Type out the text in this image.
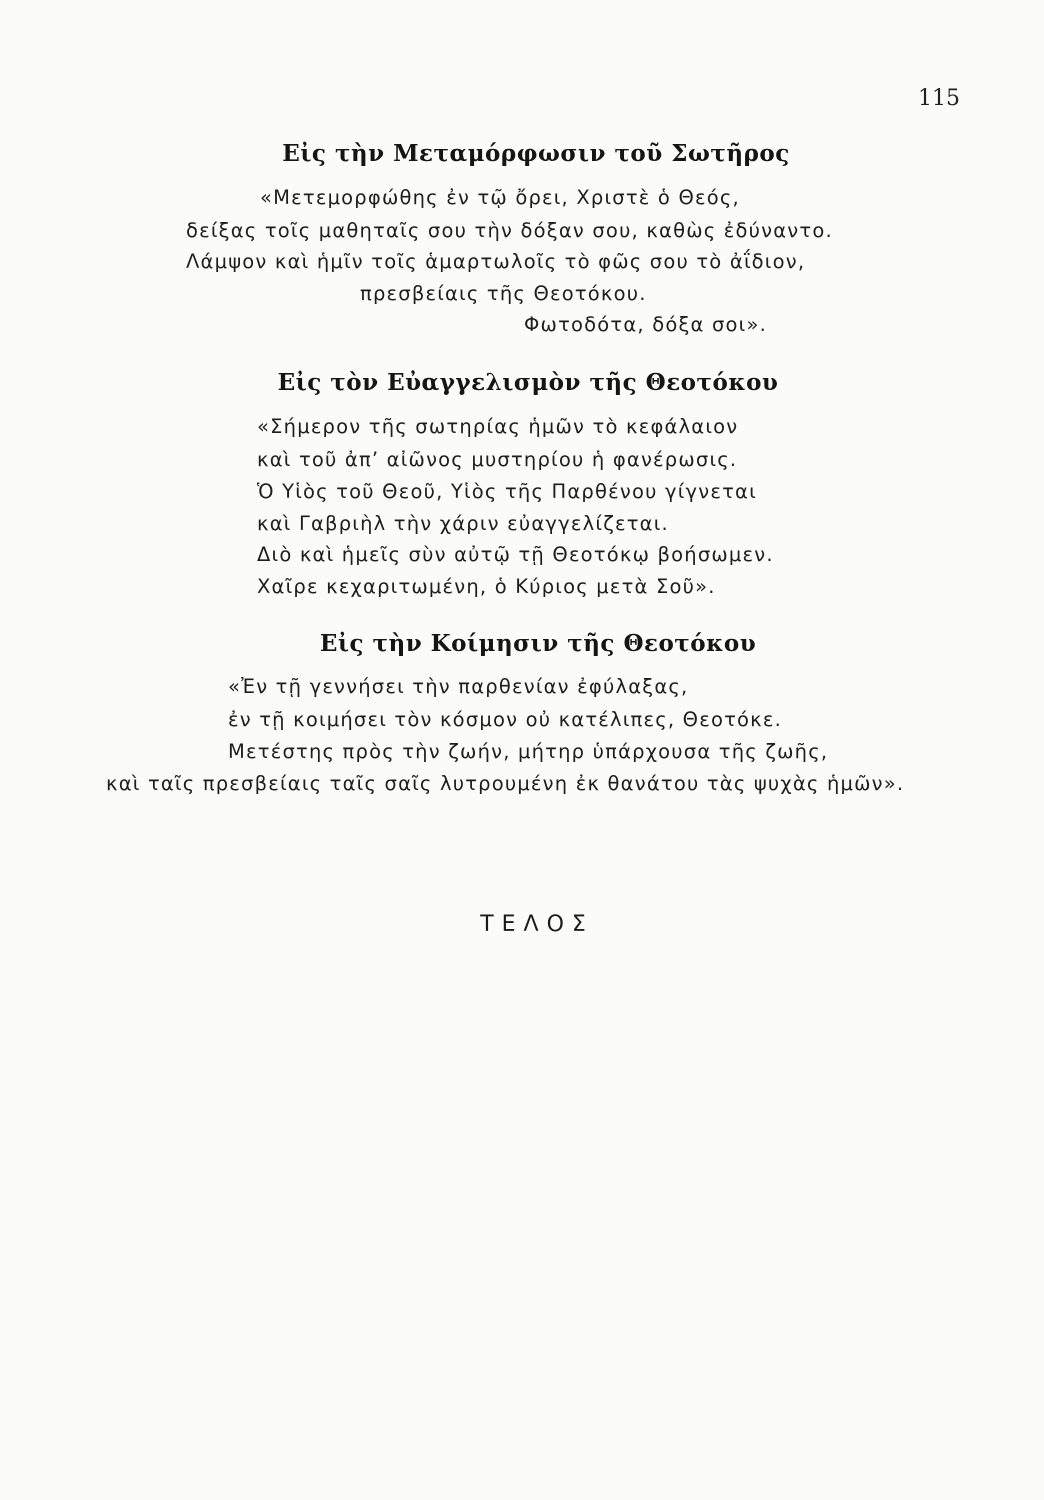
115
Εἰς τὴν Μεταμόρφωσιν τοῦ Σωτῆρος
«Μετεμορφώθης ἐν τῷ ὄρει, Χριστὲ ὁ Θεός,
δείξας τοῖς μαθηταῖς σου τὴν δόξαν σου, καθὼς ἐδύναντο.
Λάμψον καὶ ἡμῖν τοῖς ἁμαρτωλοῖς τὸ φῶς σου τὸ ἀΐδιον,
πρεσβείαις τῆς Θεοτόκου.
Φωτοδότα, δόξα σοι».
Εἰς τὸν Εὐαγγελισμὸν τῆς Θεοτόκου
«Σήμερον τῆς σωτηρίας ἡμῶν τὸ κεφάλαιον
καὶ τοῦ ἀπ’ αἰῶνος μυστηρίου ἡ φανέρωσις.
Ὁ Υἱὸς τοῦ Θεοῦ, Υἱὸς τῆς Παρθένου γίγνεται
καὶ Γαβριὴλ τὴν χάριν εὐαγγελίζεται.
Διὸ καὶ ἡμεῖς σὺν αὐτῷ τῇ Θεοτόκῳ βοήσωμεν.
Χαῖρε κεχαριτωμένη, ὁ Κύριος μετὰ Σοῦ».
Εἰς τὴν Κοίμησιν τῆς Θεοτόκου
«Ἐν τῇ γεννήσει τὴν παρθενίαν ἐφύλαξας,
ἐν τῇ κοιμήσει τὸν κόσμον οὐ κατέλιπες, Θεοτόκε.
Μετέστης πρὸς τὴν ζωήν, μήτηρ ὑπάρχουσα τῆς ζωῆς,
καὶ ταῖς πρεσβείαις ταῖς σαῖς λυτρουμένη ἐκ θανάτου τὰς ψυχὰς ἡμῶν».
ΤΕΛΟΣ
